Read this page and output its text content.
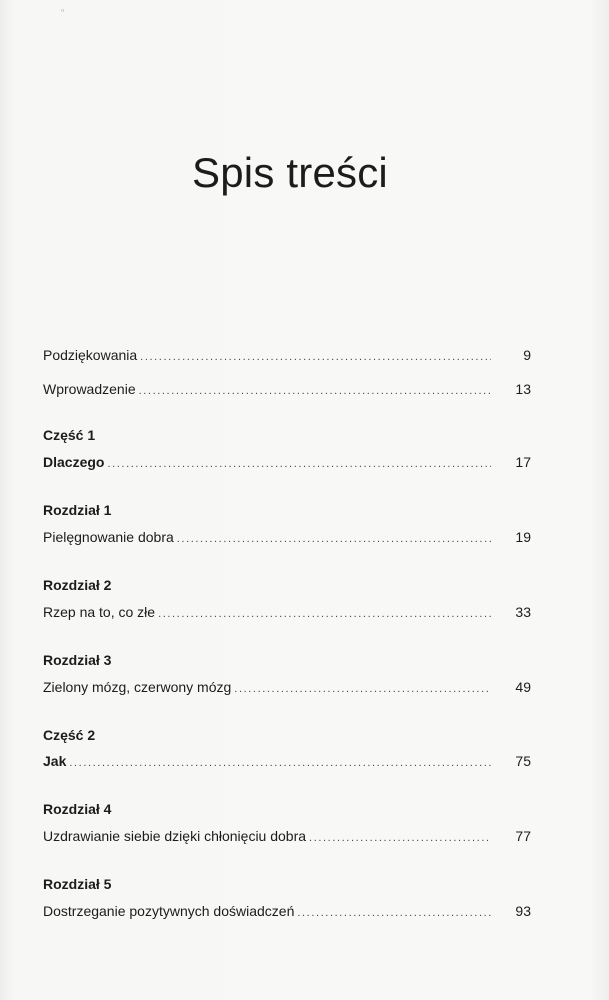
ⁿ
Spis treści
Podziękowania .....	9
Wprowadzenie .....	13
Część 1
Dlaczego .....	17
Rozdział 1
Pielęgnowanie dobra .....	19
Rozdział 2
Rzep na to, co złe .....	33
Rozdział 3
Zielony mózg, czerwony mózg .....	49
Część 2
Jak .....	75
Rozdział 4
Uzdrawianie siebie dzięki chłonięciu dobra .....	77
Rozdział 5
Dostrzeganie pozytywnych doświadczeń .....	93
